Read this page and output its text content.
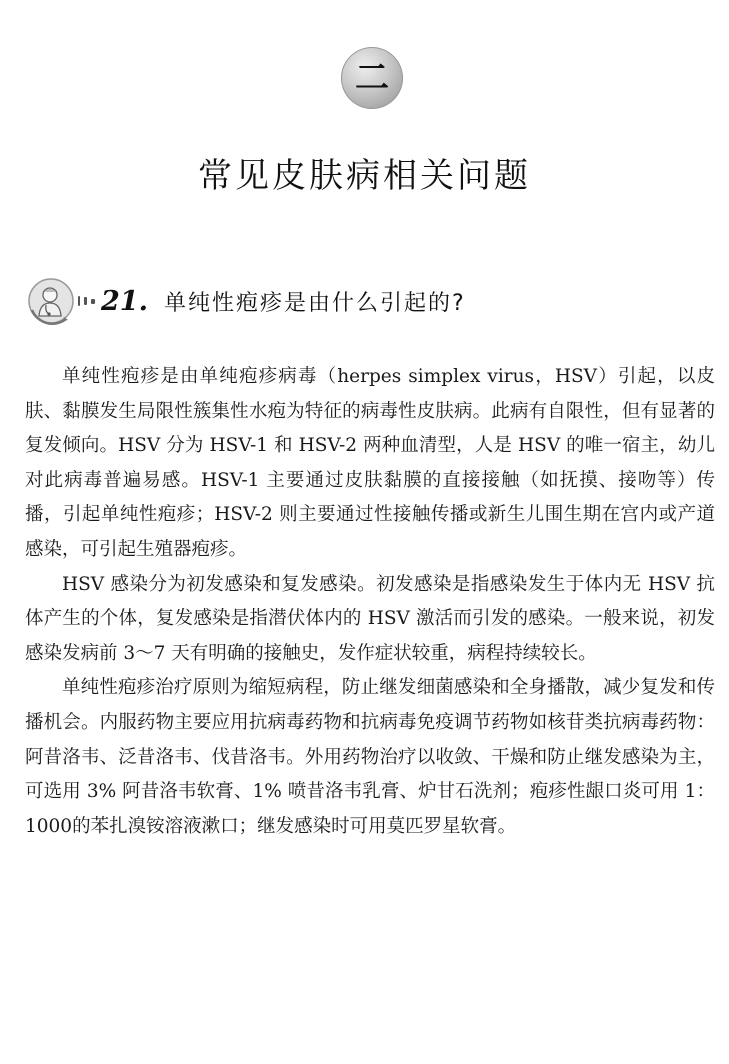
二
常见皮肤病相关问题
21. 单纯性疱疹是由什么引起的?

单纯性疱疹是由单纯疱疹病毒（herpes simplex virus，HSV）引起，以皮肤、黏膜发生局限性簇集性水疱为特征的病毒性皮肤病。此病有自限性，但有显著的复发倾向。HSV 分为 HSV-1 和 HSV-2 两种血清型，人是 HSV 的唯一宿主，幼儿对此病毒普遍易感。HSV-1 主要通过皮肤黏膜的直接接触（如抚摸、接吻等）传播，引起单纯性疱疹；HSV-2 则主要通过性接触传播或新生儿围生期在宫内或产道感染，可引起生殖器疱疹。

HSV 感染分为初发感染和复发感染。初发感染是指感染发生于体内无 HSV 抗体产生的个体，复发感染是指潜伏体内的 HSV 激活而引发的感染。一般来说，初发感染发病前 3～7 天有明确的接触史，发作症状较重，病程持续较长。

单纯性疱疹治疗原则为缩短病程，防止继发细菌感染和全身播散，减少复发和传播机会。内服药物主要应用抗病毒药物和抗病毒免疫调节药物如核苷类抗病毒药物：阿昔洛韦、泛昔洛韦、伐昔洛韦。外用药物治疗以收敛、干燥和防止继发感染为主，可选用 3% 阿昔洛韦软膏、1% 喷昔洛韦乳膏、炉甘石洗剂；疱疹性龈口炎可用 1：1000的苯扎溴铵溶液漱口；继发感染时可用莫匹罗星软膏。
